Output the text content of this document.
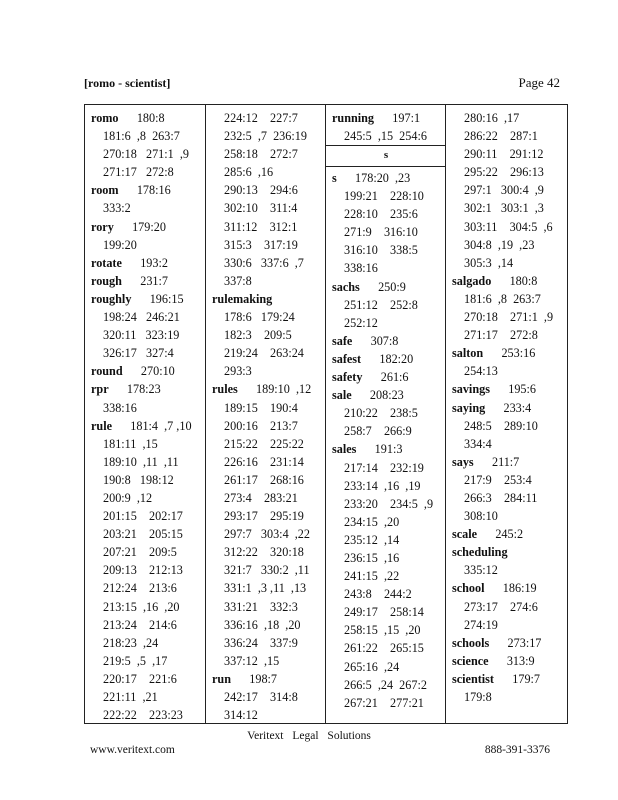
[romo - scientist]	Page 42
romo 180:8
181:6  ,8  263:7
270:18   271:1  ,9
271:17   272:8
room 178:16
333:2
rory 179:20
199:20
rotate 193:2
rough 231:7
roughly 196:15
198:24   246:21
320:11   323:19
326:17   327:4
round 270:10
rpr 178:23
338:16
rule 181:4  ,7 ,10
181:11  ,15
189:10  ,11  ,11
190:8   198:12
200:9  ,12
201:15    202:17
203:21    205:15
207:21    209:5
209:13    212:13
212:24    213:6
213:15  ,16  ,20
213:24    214:6
218:23  ,24
219:5  ,5  ,17
220:17    221:6
221:11  ,21
222:22    223:23
224:12    227:7
232:5  ,7  236:19
258:18    272:7
285:6  ,16
290:13    294:6
302:10    311:4
311:12    312:1
315:3    317:19
330:6   337:6  ,7
337:8
rulemaking
178:6   179:24
182:3    209:5
219:24    263:24
293:3
rules 189:10  ,12
189:15    190:4
200:16    213:7
215:22    225:22
226:16    231:14
261:17    268:16
273:4    283:21
293:17    295:19
297:7   303:4  ,22
312:22    320:18
321:7   330:2  ,11
331:1  ,3 ,11  ,13
331:21    332:3
336:16  ,18  ,20
336:24    337:9
337:12  ,15
run 198:7
242:17    314:8
314:12
running 197:1
245:5  ,15  254:6
s
s 178:20  ,23
199:21    228:10
228:10    235:6
271:9    316:10
316:10    338:5
338:16
sachs 250:9
251:12    252:8
252:12
safe 307:8
safest 182:20
safety 261:6
sale 208:23
210:22    238:5
258:7    266:9
sales 191:3
217:14    232:19
233:14  ,16  ,19
233:20    234:5  ,9
234:15  ,20
235:12  ,14
236:15  ,16
241:15  ,22
243:8    244:2
249:17    258:14
258:15  ,15  ,20
261:22    265:15
265:16  ,24
266:5  ,24  267:2
267:21    277:21
280:16  ,17
286:22    287:1
290:11    291:12
295:22    296:13
297:1   300:4  ,9
302:1   303:1  ,3
303:11    304:5  ,6
304:8  ,19  ,23
305:3  ,14
salgado 180:8
181:6  ,8  263:7
270:18    271:1  ,9
271:17    272:8
salton 253:16
254:13
savings 195:6
saying 233:4
248:5    289:10
334:4
says 211:7
217:9    253:4
266:3    284:11
308:10
scale 245:2
scheduling
335:12
school 186:19
273:17    274:6
274:19
schools 273:17
science 313:9
scientist 179:7
179:8
Veritext Legal Solutions
www.veritext.com	888-391-3376
